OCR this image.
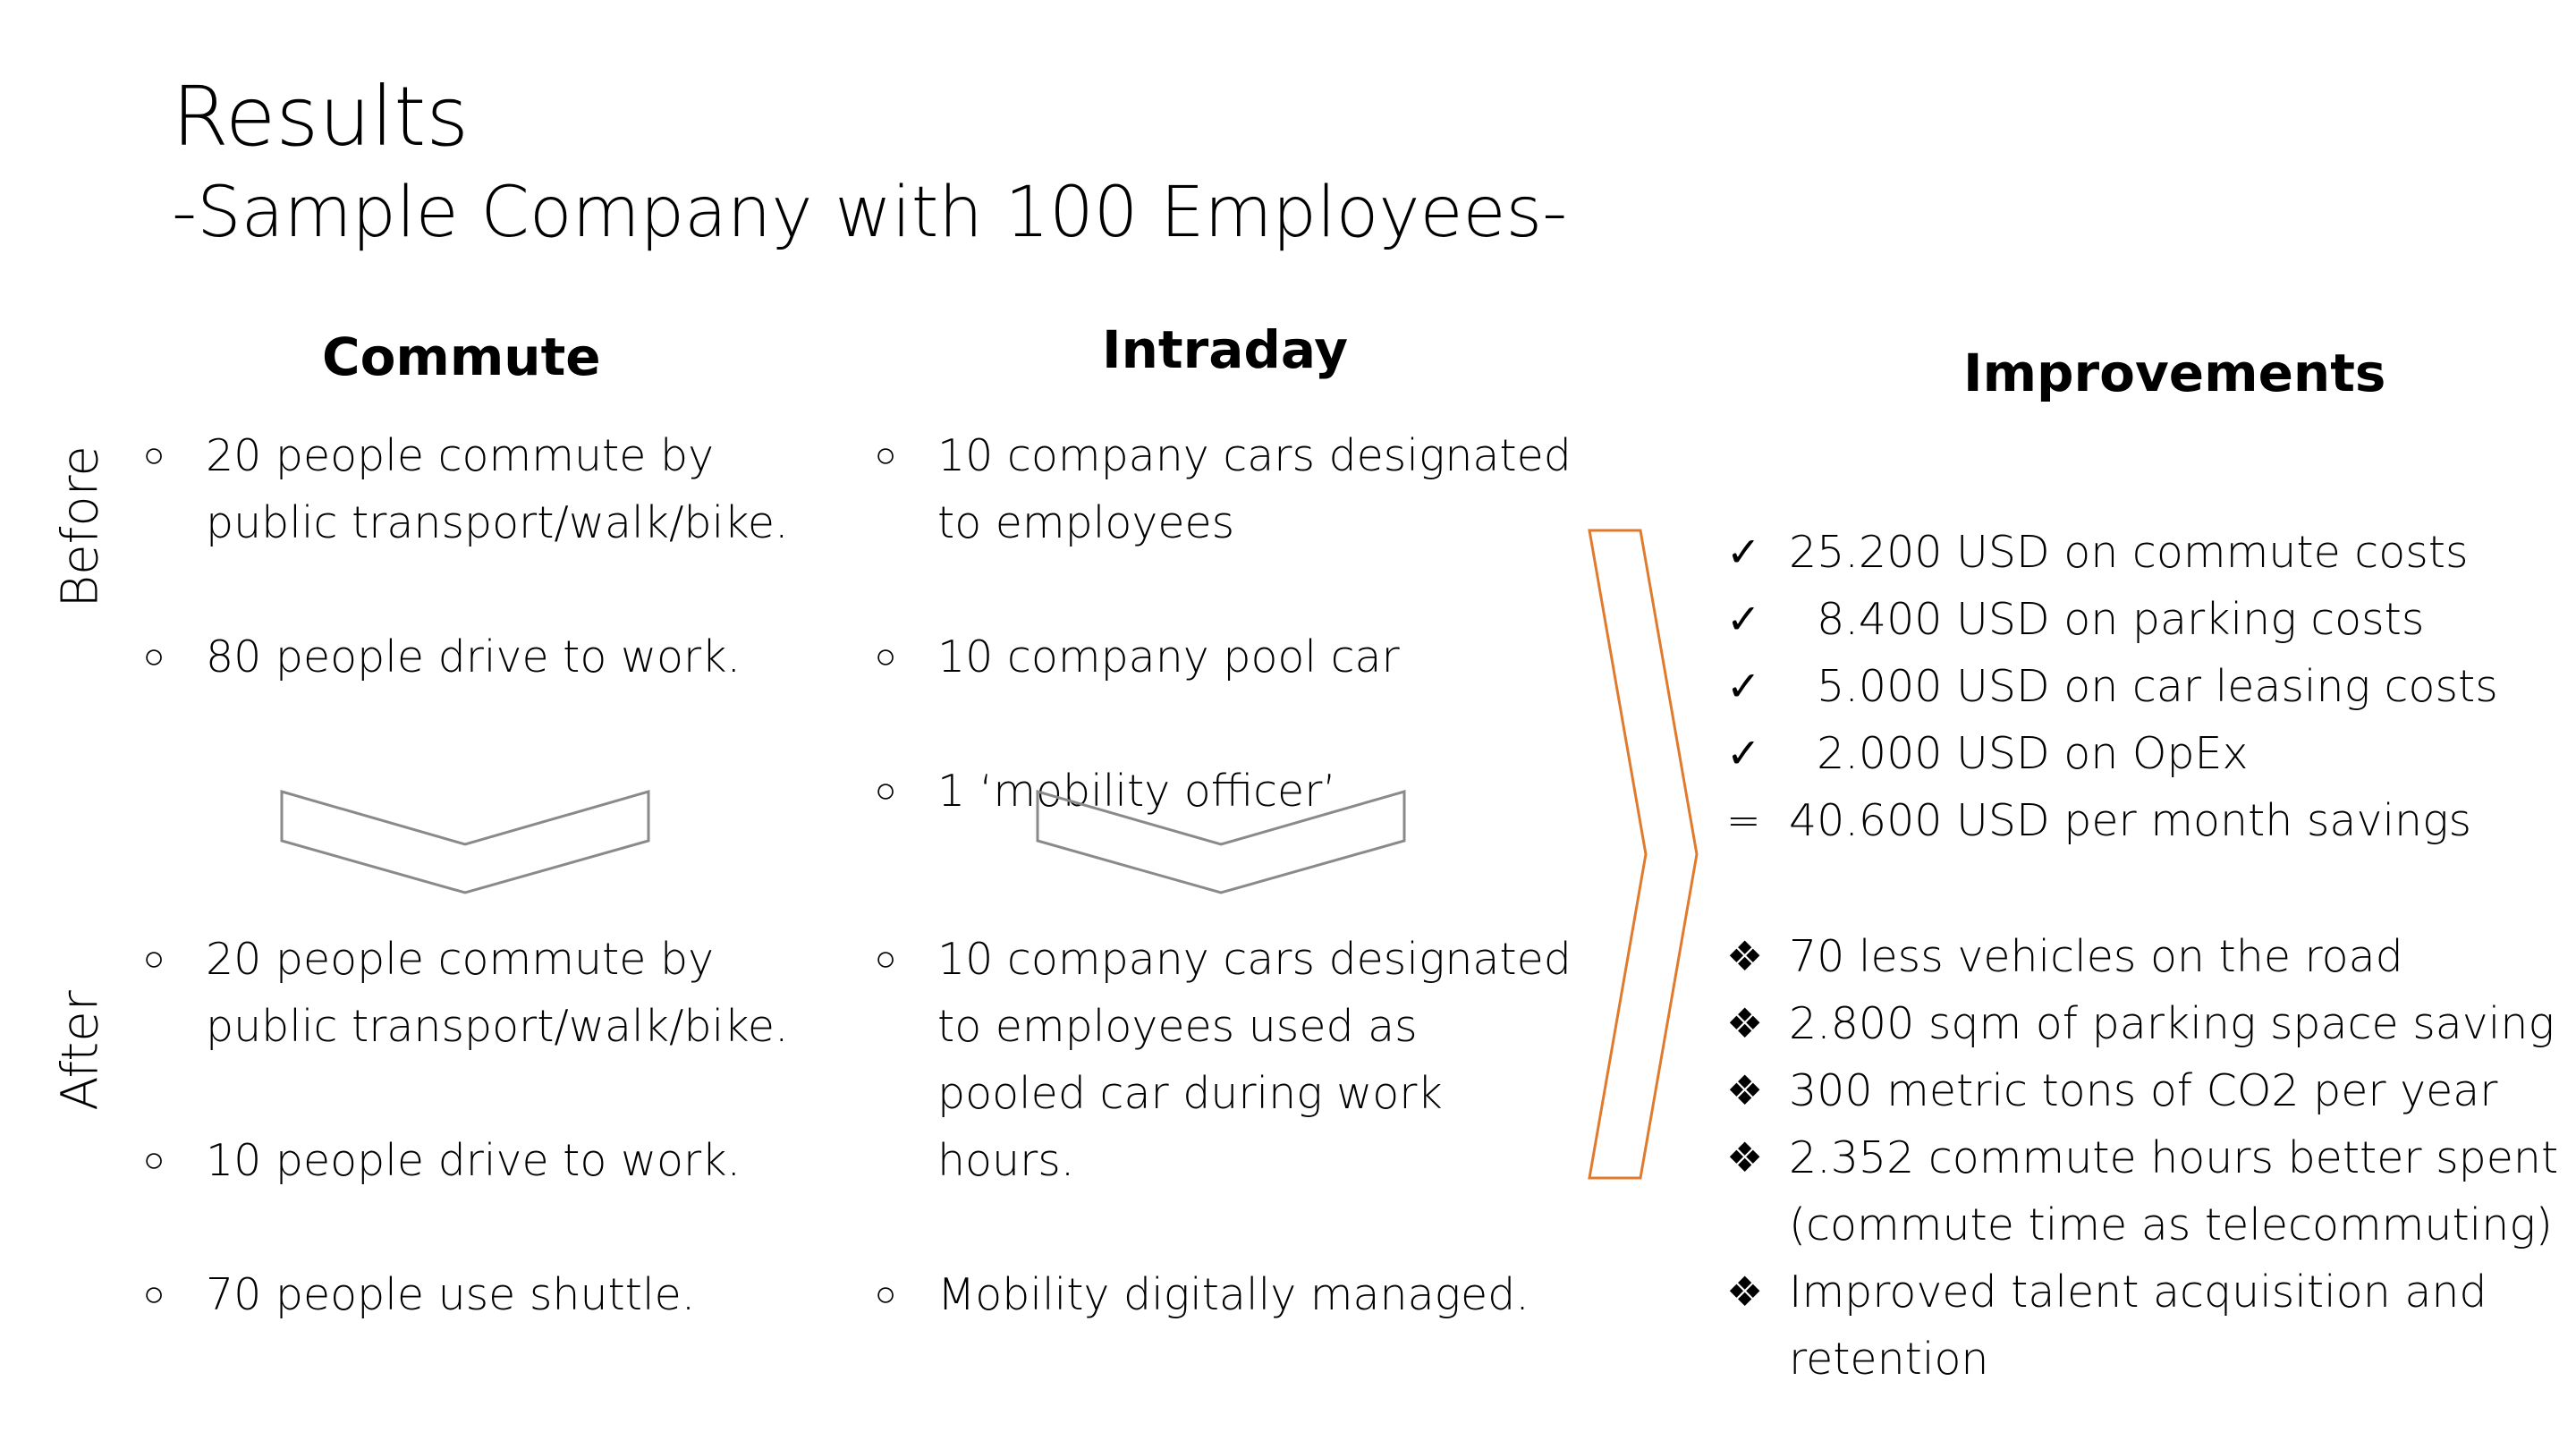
Results
-Sample Company with 100 Employees-
Commute	Intraday	Improvements
Before
After
○ 20 people commute by public transport/walk/bike.
○ 80 people drive to work.
○ 10 company cars designated to employees
○ 10 company pool car
○ 1 ‘mobility officer’
○ 20 people commute by public transport/walk/bike.
○ 10 people drive to work.
○ 70 people use shuttle.
○ 10 company cars designated to employees used as pooled car during work hours.
○ Mobility digitally managed.
✓ 25.200 USD on commute costs
✓ 8.400 USD on parking costs
✓ 5.000 USD on car leasing costs
✓ 2.000 USD on OpEx
= 40.600 USD per month savings
❖ 70 less vehicles on the road
❖ 2.800 sqm of parking space saving
❖ 300 metric tons of CO2 per year
❖ 2.352 commute hours better spent (commute time as telecommuting)
❖ Improved talent acquisition and retention
